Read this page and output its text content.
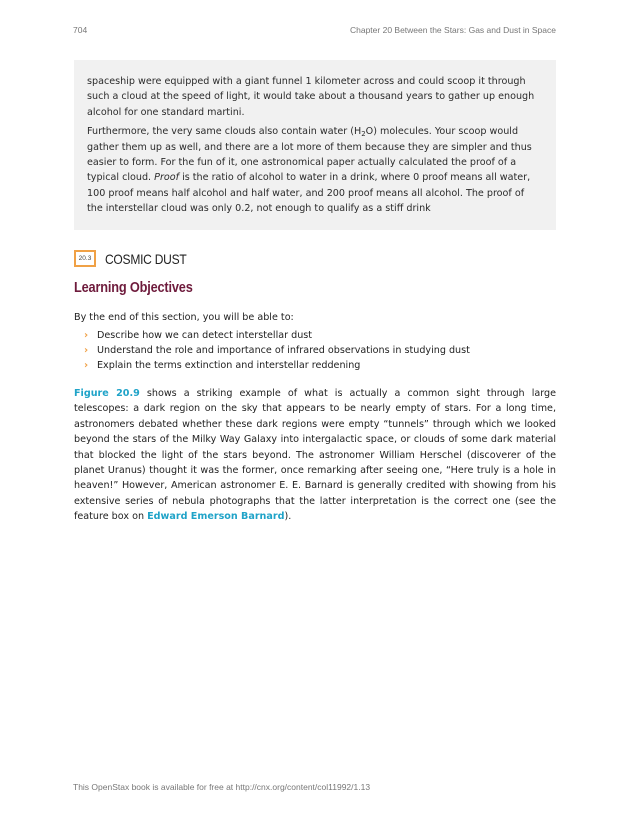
704	Chapter 20 Between the Stars: Gas and Dust in Space

spaceship were equipped with a giant funnel 1 kilometer across and could scoop it through such a cloud at the speed of light, it would take about a thousand years to gather up enough alcohol for one standard martini.

Furthermore, the very same clouds also contain water $(H_2O)$ molecules. Your scoop would gather them up as well, and there are a lot more of them because they are simpler and thus easier to form. For the fun of it, one astronomical paper actually calculated the proof of a typical cloud. Proof is the ratio of alcohol to water in a drink, where 0 proof means all water, 100 proof means half alcohol and half water, and 200 proof means all alcohol. The proof of the interstellar cloud was only 0.2, not enough to qualify as a stiff drink

20.3 COSMIC DUST
Learning Objectives
By the end of this section, you will be able to:
› Describe how we can detect interstellar dust
› Understand the role and importance of infrared observations in studying dust
› Explain the terms extinction and interstellar reddening

Figure 20.9 shows a striking example of what is actually a common sight through large telescopes: a dark region on the sky that appears to be nearly empty of stars. For a long time, astronomers debated whether these dark regions were empty “tunnels” through which we looked beyond the stars of the Milky Way Galaxy into intergalactic space, or clouds of some dark material that blocked the light of the stars beyond. The astronomer William Herschel (discoverer of the planet Uranus) thought it was the former, once remarking after seeing one, “Here truly is a hole in heaven!” However, American astronomer E. E. Barnard is generally credited with showing from his extensive series of nebula photographs that the latter interpretation is the correct one (see the feature box on Edward Emerson Barnard).

This OpenStax book is available for free at http://cnx.org/content/col11992/1.13
